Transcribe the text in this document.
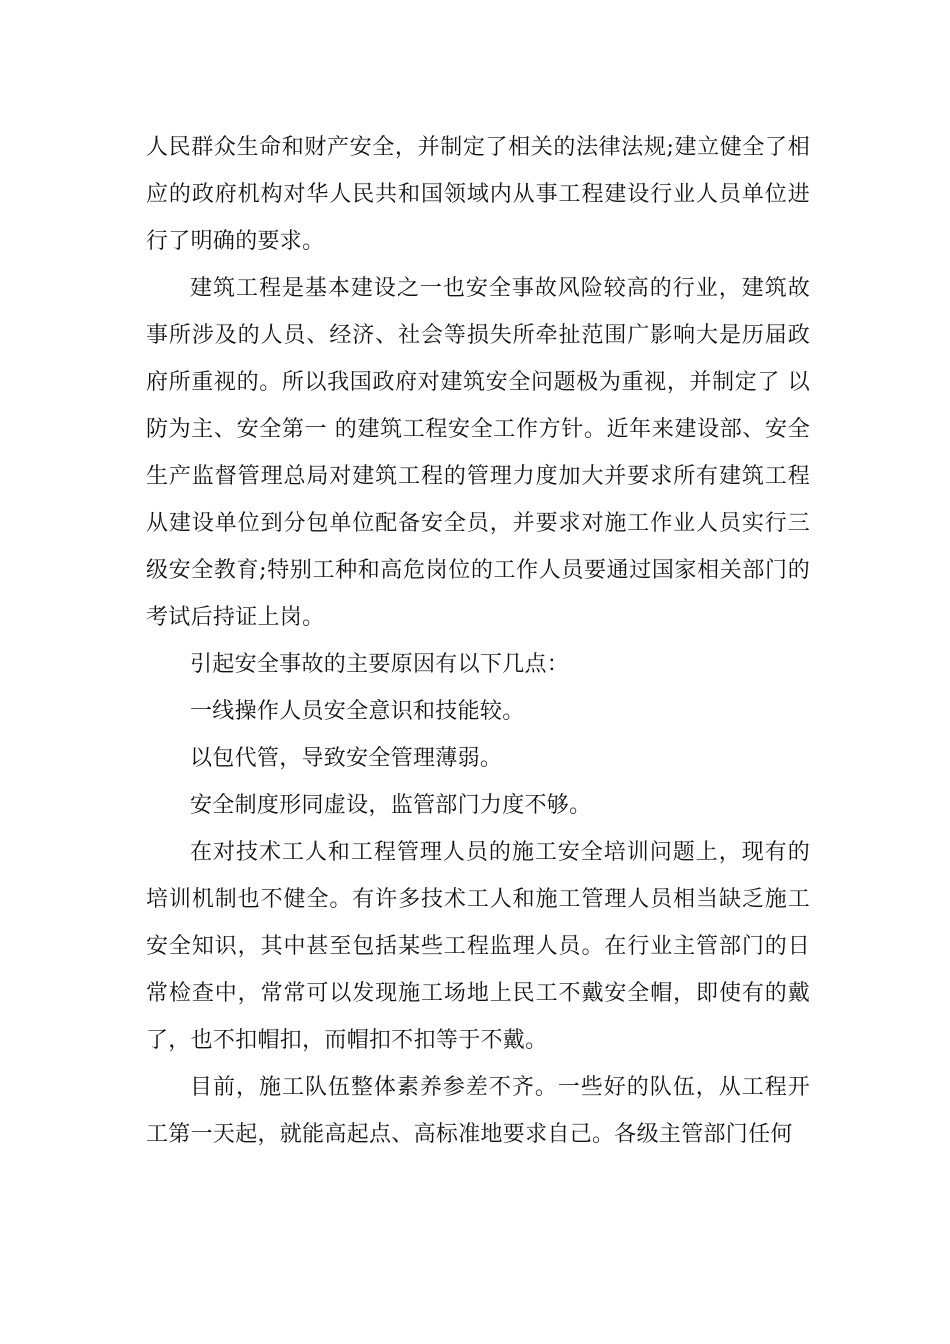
人民群众生命和财产安全，并制定了相关的法律法规;建立健全了相应的政府机构对华人民共和国领域内从事工程建设行业人员单位进行了明确的要求。

建筑工程是基本建设之一也安全事故风险较高的行业，建筑故事所涉及的人员、经济、社会等损失所牵扯范围广影响大是历届政府所重视的。所以我国政府对建筑安全问题极为重视，并制定了 以防为主、安全第一 的建筑工程安全工作方针。近年来建设部、安全生产监督管理总局对建筑工程的管理力度加大并要求所有建筑工程从建设单位到分包单位配备安全员，并要求对施工作业人员实行三级安全教育;特别工种和高危岗位的工作人员要通过国家相关部门的考试后持证上岗。

引起安全事故的主要原因有以下几点：

一线操作人员安全意识和技能较。

以包代管，导致安全管理薄弱。

安全制度形同虚设，监管部门力度不够。

在对技术工人和工程管理人员的施工安全培训问题上，现有的培训机制也不健全。有许多技术工人和施工管理人员相当缺乏施工安全知识，其中甚至包括某些工程监理人员。在行业主管部门的日常检查中，常常可以发现施工场地上民工不戴安全帽，即使有的戴了，也不扣帽扣，而帽扣不扣等于不戴。

目前，施工队伍整体素养参差不齐。一些好的队伍，从工程开工第一天起，就能高起点、高标准地要求自己。各级主管部门任何
